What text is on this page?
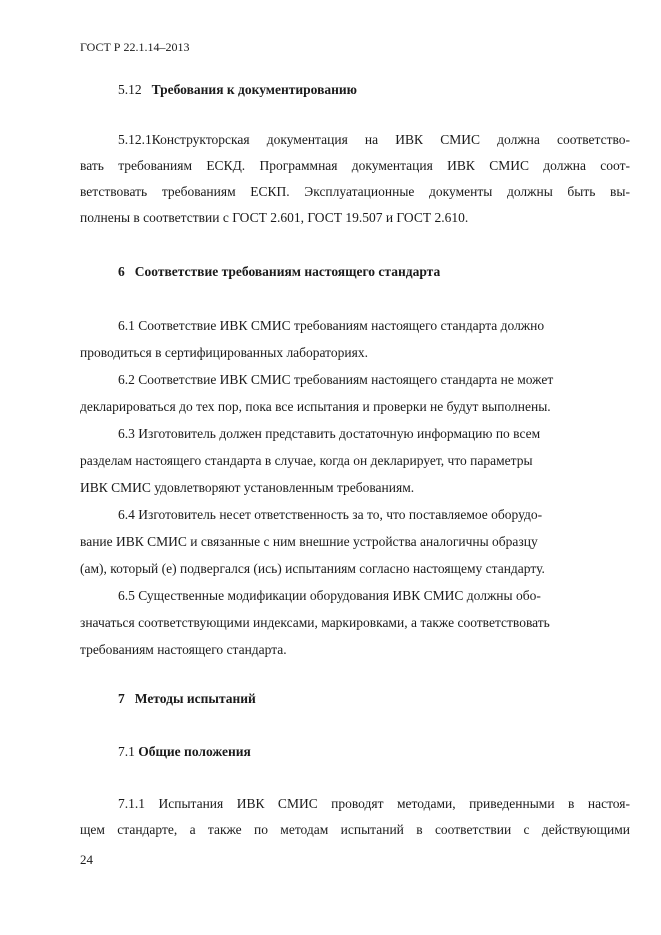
ГОСТ Р 22.1.14–2013
5.12 Требования к документированию
5.12.1Конструкторская документация на ИВК СМИС должна соответство-
вать требованиям ЕСКД. Программная документация ИВК СМИС должна соот-
ветствовать требованиям ЕСКП. Эксплуатационные документы должны быть вы-
полнены в соответствии с ГОСТ 2.601, ГОСТ 19.507 и ГОСТ 2.610.
6 Соответствие требованиям настоящего стандарта
6.1 Соответствие ИВК СМИС требованиям настоящего стандарта должно
проводиться в сертифицированных лабораториях.
6.2 Соответствие ИВК СМИС требованиям настоящего стандарта не может
декларироваться до тех пор, пока все испытания и проверки не будут выполнены.
6.3 Изготовитель должен представить достаточную информацию по всем
разделам настоящего стандарта в случае, когда он декларирует, что параметры
ИВК СМИС удовлетворяют установленным требованиям.
6.4 Изготовитель несет ответственность за то, что поставляемое оборудо-
вание ИВК СМИС и связанные с ним внешние устройства аналогичны образцу
(ам), который (е) подвергался (ись) испытаниям согласно настоящему стандарту.
6.5 Существенные модификации оборудования ИВК СМИС должны обо-
значаться соответствующими индексами, маркировками, а также соответствовать
требованиям настоящего стандарта.
7 Методы испытаний
7.1 Общие положения
7.1.1 Испытания ИВК СМИС проводят методами, приведенными в настоя-
щем стандарте, а также по методам испытаний в соответствии с действующими
24
